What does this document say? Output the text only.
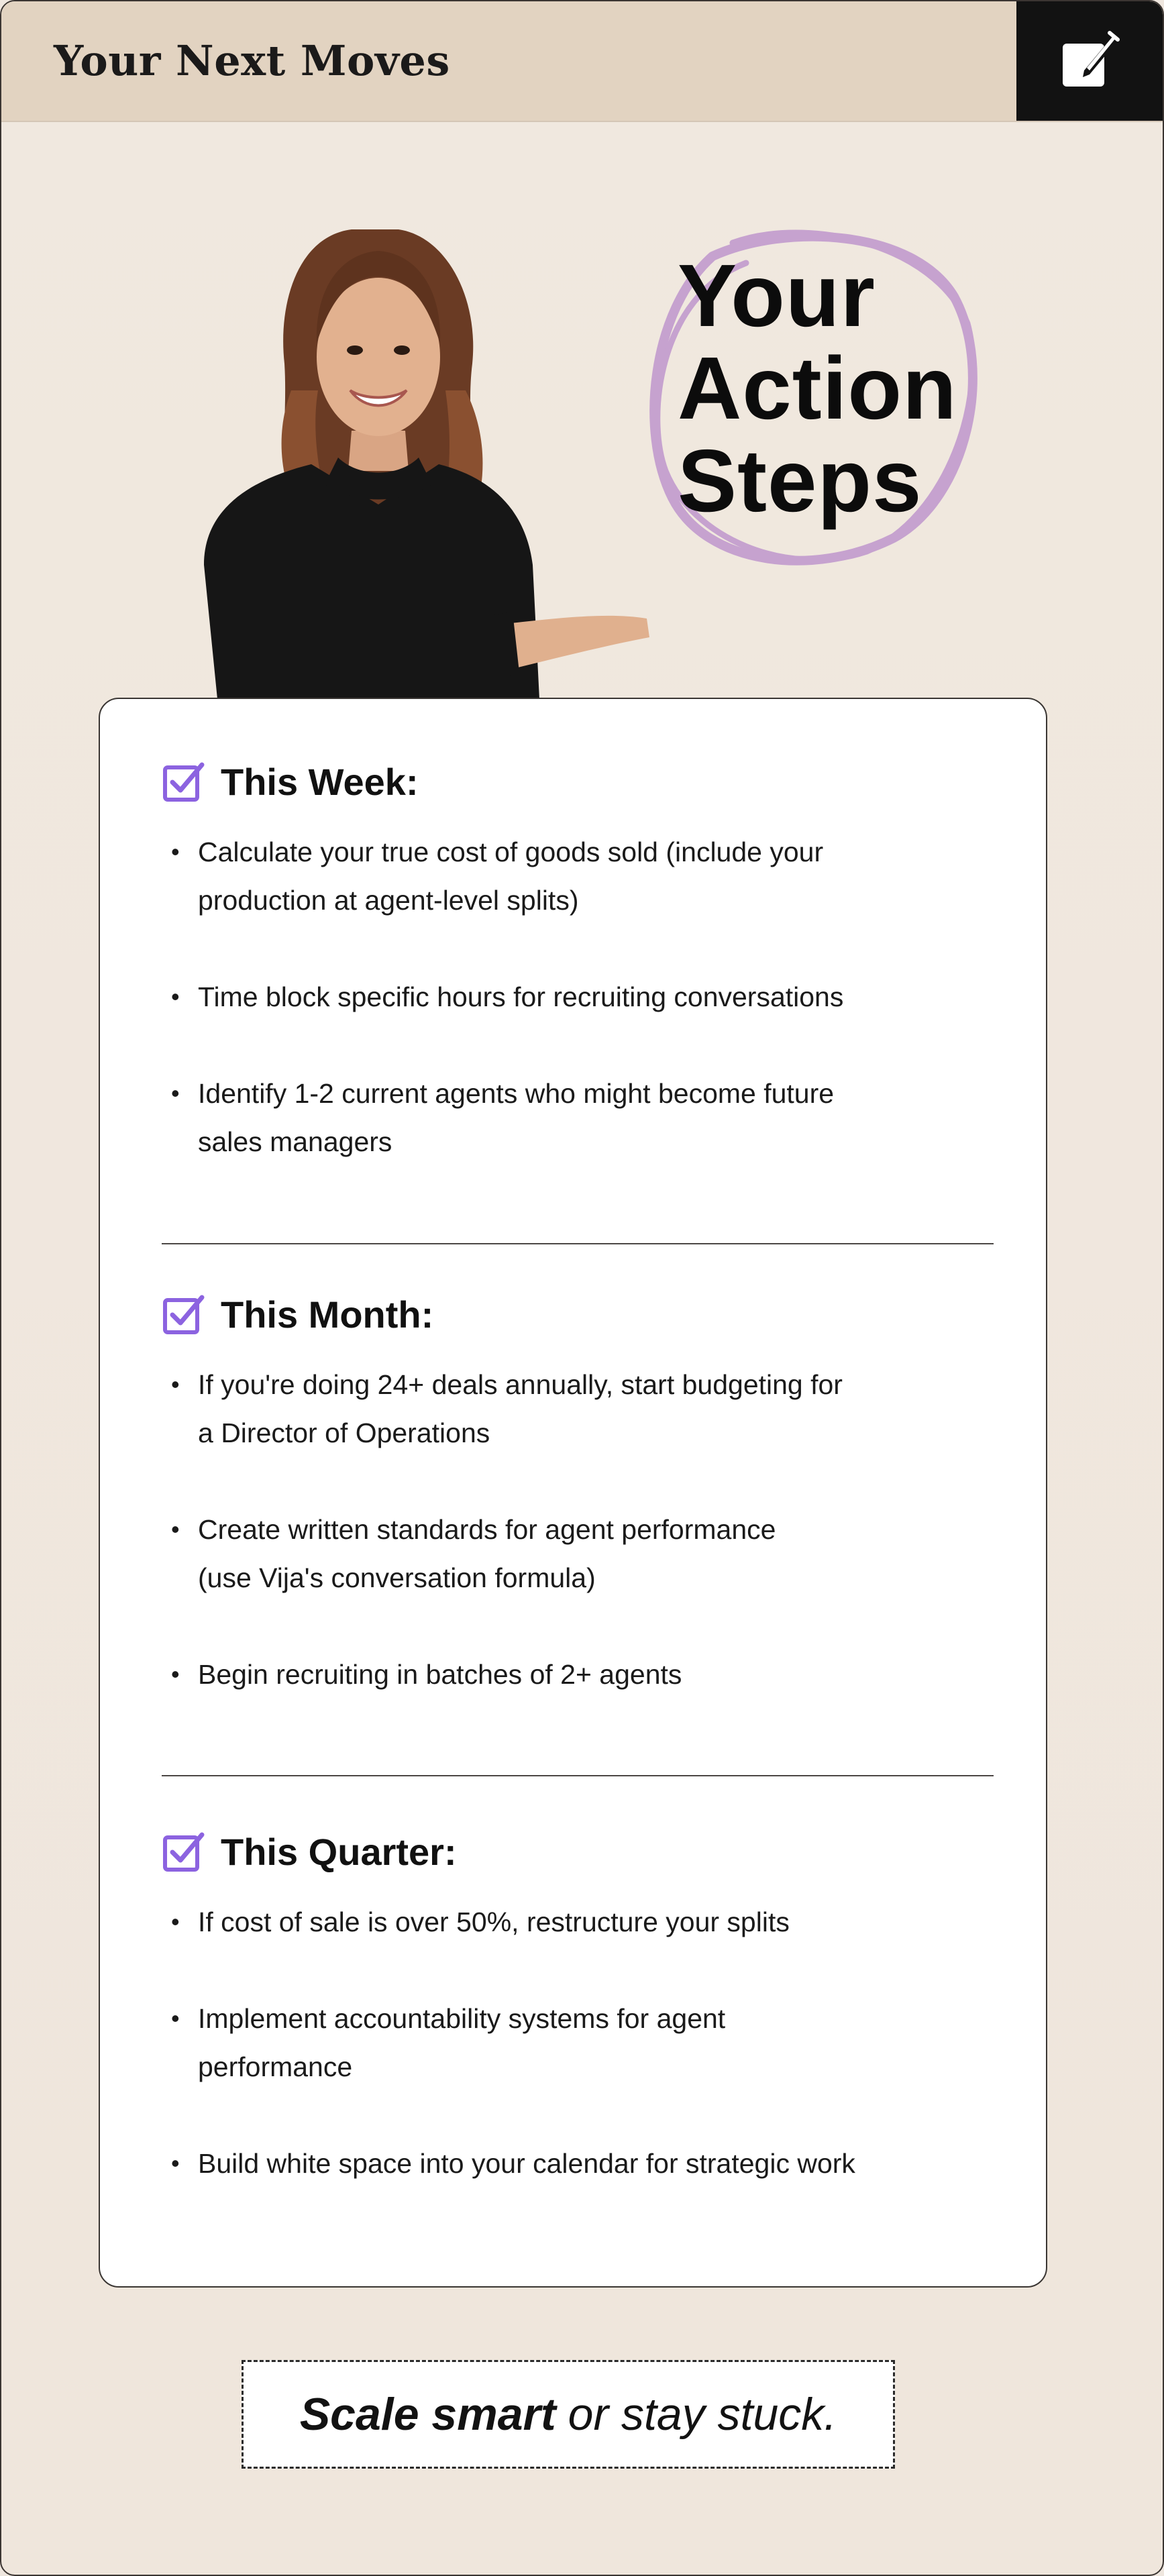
Your Next Moves
Your
Action
Steps
This Week:
• Calculate your true cost of goods sold (include your
production at agent-level splits)
• Time block specific hours for recruiting conversations
• Identify 1-2 current agents who might become future
sales managers
This Month:
• If you're doing 24+ deals annually, start budgeting for
a Director of Operations
• Create written standards for agent performance
(use Vija's conversation formula)
• Begin recruiting in batches of 2+ agents
This Quarter:
• If cost of sale is over 50%, restructure your splits
• Implement accountability systems for agent
performance
• Build white space into your calendar for strategic work
Scale smart or stay stuck.
